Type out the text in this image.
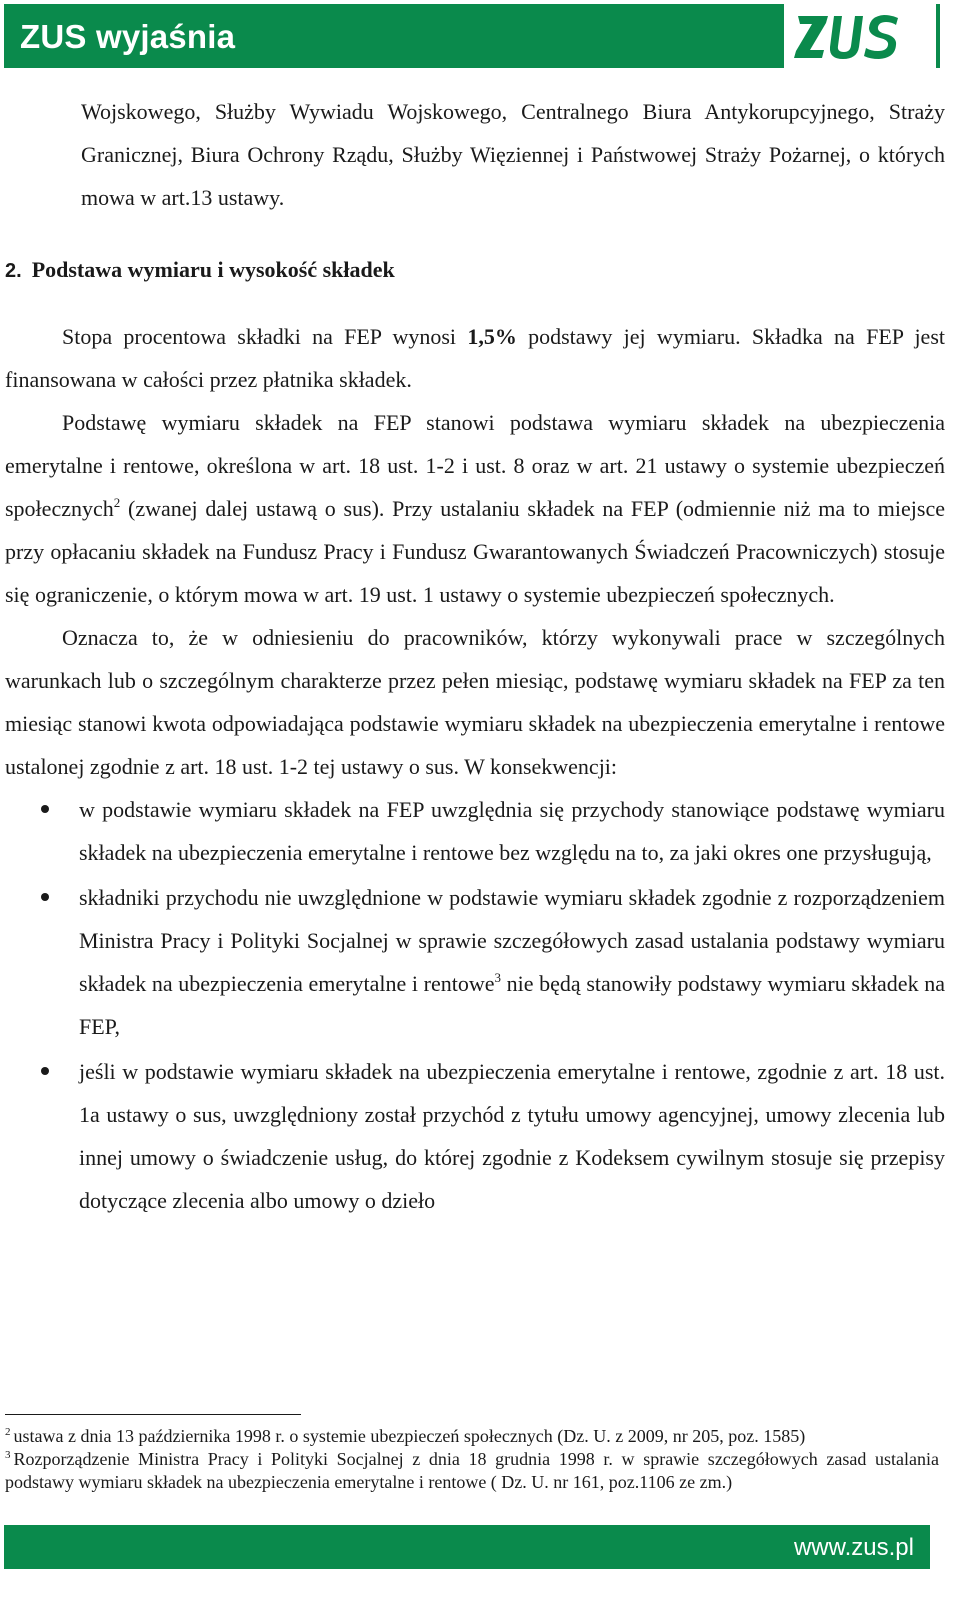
ZUS wyjaśnia
ZUS

Wojskowego, Służby Wywiadu Wojskowego, Centralnego Biura Antykorupcyjnego, Straży Granicznej, Biura Ochrony Rządu, Służby Więziennej i Państwowej Straży Pożarnej, o których mowa w art.13 ustawy.

2. Podstawa wymiaru i wysokość składek

Stopa procentowa składki na FEP wynosi 1,5% podstawy jej wymiaru. Składka na FEP jest finansowana w całości przez płatnika składek.

Podstawę wymiaru składek na FEP stanowi podstawa wymiaru składek na ubezpieczenia emerytalne i rentowe, określona w art. 18 ust. 1-2 i ust. 8 oraz w art. 21 ustawy o systemie ubezpieczeń społecznych$^2$ (zwanej dalej ustawą o sus). Przy ustalaniu składek na FEP (odmiennie niż ma to miejsce przy opłacaniu składek na Fundusz Pracy i Fundusz Gwarantowanych Świadczeń Pracowniczych) stosuje się ograniczenie, o którym mowa w art. 19 ust. 1 ustawy o systemie ubezpieczeń społecznych.

Oznacza to, że w odniesieniu do pracowników, którzy wykonywali prace w szczególnych warunkach lub o szczególnym charakterze przez pełen miesiąc, podstawę wymiaru składek na FEP za ten miesiąc stanowi kwota odpowiadająca podstawie wymiaru składek na ubezpieczenia emerytalne i rentowe ustalonej zgodnie z art. 18 ust. 1-2 tej ustawy o sus. W konsekwencji:

w podstawie wymiaru składek na FEP uwzględnia się przychody stanowiące podstawę wymiaru składek na ubezpieczenia emerytalne i rentowe bez względu na to, za jaki okres one przysługują,
składniki przychodu nie uwzględnione w podstawie wymiaru składek zgodnie z rozporządzeniem Ministra Pracy i Polityki Socjalnej w sprawie szczegółowych zasad ustalania podstawy wymiaru składek na ubezpieczenia emerytalne i rentowe$^3$ nie będą stanowiły podstawy wymiaru składek na FEP,
jeśli w podstawie wymiaru składek na ubezpieczenia emerytalne i rentowe, zgodnie z art. 18 ust. 1a ustawy o sus, uwzględniony został przychód z tytułu umowy agencyjnej, umowy zlecenia lub innej umowy o świadczenie usług, do której zgodnie z Kodeksem cywilnym stosuje się przepisy dotyczące zlecenia albo umowy o dzieło

$^2$ ustawa z dnia 13 października 1998 r. o systemie ubezpieczeń społecznych (Dz. U. z 2009, nr 205, poz. 1585)

$^3$ Rozporządzenie Ministra Pracy i Polityki Socjalnej z dnia 18 grudnia 1998 r. w sprawie szczegółowych zasad ustalania podstawy wymiaru składek na ubezpieczenia emerytalne i rentowe ( Dz. U. nr 161, poz.1106 ze zm.)

www.zus.pl
